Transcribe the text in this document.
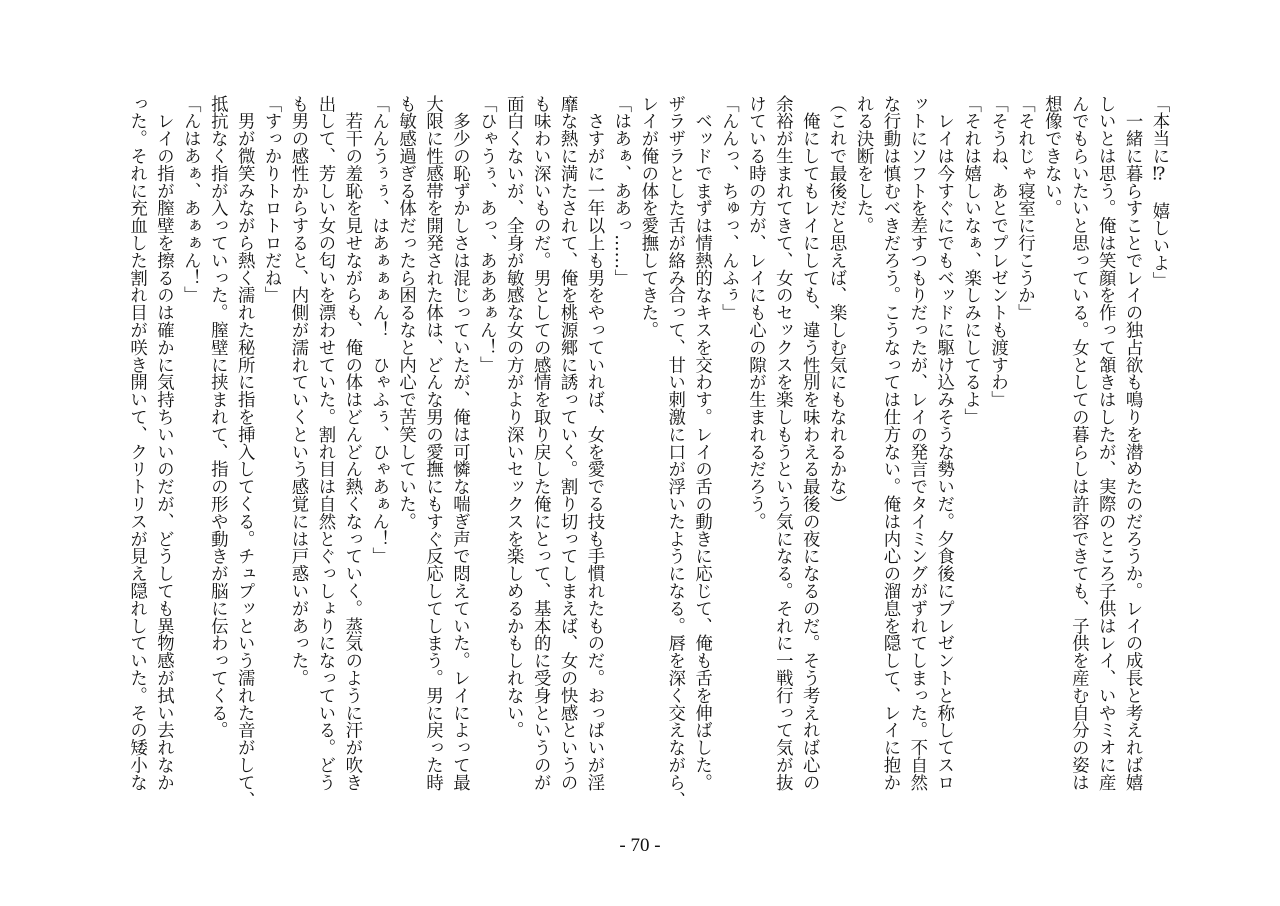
「本当に⁉　嬉しいよ」
　一緒に暮らすことでレイの独占欲も鳴りを潜めたのだろうか。レイの成長と考えれば嬉
しいとは思う。俺は笑顔を作って頷きはしたが、実際のところ子供はレイ、いやミオに産
んでもらいたいと思っている。女としての暮らしは許容できても、子供を産む自分の姿は
想像できない。
「それじゃ寝室に行こうか」
「そうね、あとでプレゼントも渡すわ」
「それは嬉しいなぁ、楽しみにしてるよ」
　レイは今すぐにでもベッドに駆け込みそうな勢いだ。夕食後にプレゼントと称してスロ
ットにソフトを差すつもりだったが、レイの発言でタイミングがずれてしまった。不自然
な行動は慎むべきだろう。こうなっては仕方ない。俺は内心の溜息を隠して、レイに抱か
れる決断をした。
（これで最後だと思えば、楽しむ気にもなれるかな）
　俺にしてもレイにしても、違う性別を味わえる最後の夜になるのだ。そう考えれば心の
余裕が生まれてきて、女のセックスを楽しもうという気になる。それに一戦行って気が抜
けている時の方が、レイにも心の隙が生まれるだろう。
「んんっ、ちゅっ、んふぅ」
　ベッドでまずは情熱的なキスを交わす。レイの舌の動きに応じて、俺も舌を伸ばした。
ザラザラとした舌が絡み合って、甘い刺激に口が浮いたようになる。唇を深く交えながら、
レイが俺の体を愛撫してきた。
「はあぁ、ああっ……」
　さすがに一年以上も男をやっていれば、女を愛でる技も手慣れたものだ。おっぱいが淫
靡な熱に満たされて、俺を桃源郷に誘っていく。割り切ってしまえば、女の快感というの
も味わい深いものだ。男としての感情を取り戻した俺にとって、基本的に受身というのが
面白くないが、全身が敏感な女の方がより深いセックスを楽しめるかもしれない。
「ひゃうぅ、あっ、あああぁん！」
　多少の恥ずかしさは混じっていたが、俺は可憐な喘ぎ声で悶えていた。レイによって最
大限に性感帯を開発された体は、どんな男の愛撫にもすぐ反応してしまう。男に戻った時
も敏感過ぎる体だったら困るなと内心で苦笑していた。
「んんうぅぅ、はあぁぁぁん！　ひゃふぅ、ひゃあぁん！」
　若干の羞恥を見せながらも、俺の体はどんどん熱くなっていく。蒸気のように汗が吹き
出して、芳しい女の匂いを漂わせていた。割れ目は自然とぐっしょりになっている。どう
も男の感性からすると、内側が濡れていくという感覚には戸惑いがあった。
「すっかりトロトロだね」
　男が微笑みながら熱く濡れた秘所に指を挿入してくる。チュプッという濡れた音がして、
抵抗なく指が入っていった。膣壁に挟まれて、指の形や動きが脳に伝わってくる。
「んはあぁ、あぁぁん！」
　レイの指が膣壁を擦るのは確かに気持ちいいのだが、どうしても異物感が拭い去れなか
った。それに充血した割れ目が咲き開いて、クリトリスが見え隠れしていた。その矮小な
- 70 -
